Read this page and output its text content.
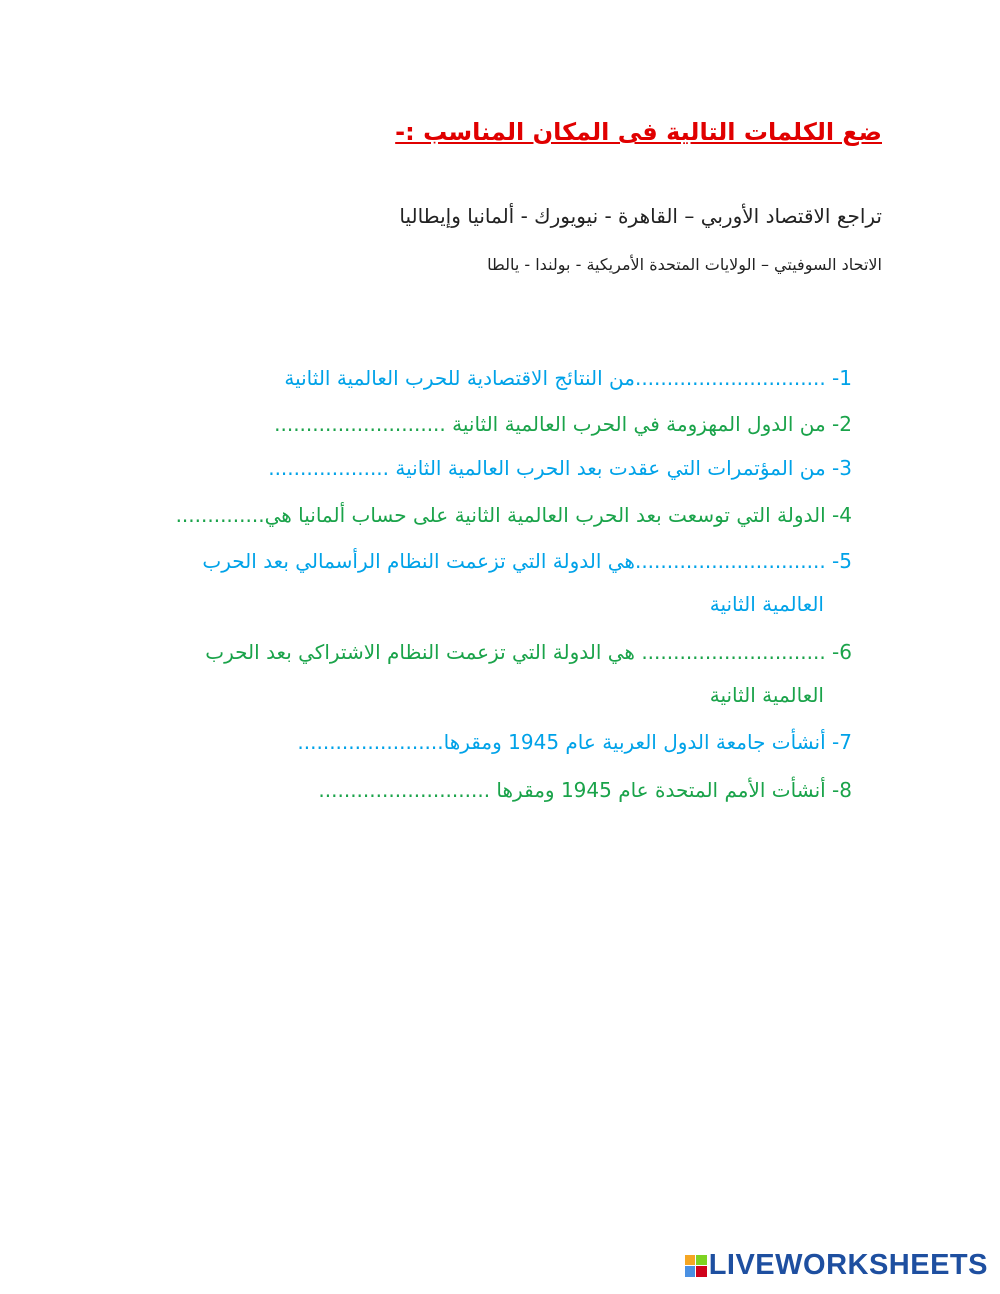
ضع الكلمات التالية فى المكان المناسب :-
تراجع الاقتصاد الأوربي – القاهرة - نيويورك - ألمانيا وإيطاليا
الاتحاد السوفيتي – الولايات المتحدة الأمريكية - بولندا - يالطا
1- ..............................من النتائج الاقتصادية للحرب العالمية الثانية
2- من الدول المهزومة في الحرب العالمية الثانية ...........................
3- من المؤتمرات التي عقدت بعد الحرب العالمية الثانية ...................
4- الدولة التي توسعت بعد الحرب العالمية الثانية على حساب ألمانيا هي..............
5- ..............................هي الدولة التي تزعمت النظام الرأسمالي بعد الحرب
العالمية الثانية
6- ............................. هي الدولة التي تزعمت النظام الاشتراكي بعد الحرب
العالمية الثانية
7- أنشأت جامعة الدول العربية عام 1945 ومقرها.......................
8- أنشأت الأمم المتحدة عام 1945 ومقرها ...........................
LIVEWORKSHEETS
